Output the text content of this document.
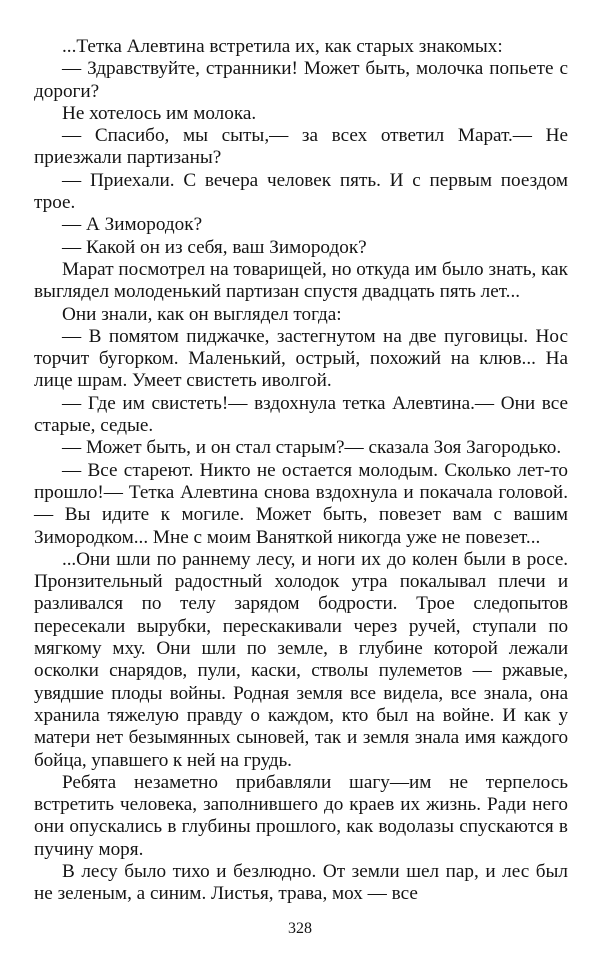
...Тетка Алевтина встретила их, как старых знакомых:

— Здравствуйте, странники! Может быть, молочка попьете с дороги?

Не хотелось им молока.

— Спасибо, мы сыты,— за всех ответил Марат.— Не приезжали партизаны?

— Приехали. С вечера человек пять. И с первым поездом трое.

— А Зимородок?

— Какой он из себя, ваш Зимородок?

Марат посмотрел на товарищей, но откуда им было знать, как выглядел молоденький партизан спустя двадцать пять лет...

Они знали, как он выглядел тогда:

— В помятом пиджачке, застегнутом на две пуговицы. Нос торчит бугорком. Маленький, острый, похожий на клюв... На лице шрам. Умеет свистеть иволгой.

— Где им свистеть!— вздохнула тетка Алевтина.— Они все старые, седые.

— Может быть, и он стал старым?— сказала Зоя Загородько.

— Все стареют. Никто не остается молодым. Сколько лет-то прошло!— Тетка Алевтина снова вздохнула и покачала головой.— Вы идите к могиле. Может быть, повезет вам с вашим Зимородком... Мне с моим Ваняткой никогда уже не повезет...

...Они шли по раннему лесу, и ноги их до колен были в росе. Пронзительный радостный холодок утра покалывал плечи и разливался по телу зарядом бодрости. Трое следопытов пересекали вырубки, перескакивали через ручей, ступали по мягкому мху. Они шли по земле, в глубине которой лежали осколки снарядов, пули, каски, стволы пулеметов — ржавые, увядшие плоды войны. Родная земля все видела, все знала, она хранила тяжелую правду о каждом, кто был на войне. И как у матери нет безымянных сыновей, так и земля знала имя каждого бойца, упавшего к ней на грудь.

Ребята незаметно прибавляли шагу—им не терпелось встретить человека, заполнившего до краев их жизнь. Ради него они опускались в глубины прошлого, как водолазы спускаются в пучину моря.

В лесу было тихо и безлюдно. От земли шел пар, и лес был не зеленым, а синим. Листья, трава, мох — все

328
